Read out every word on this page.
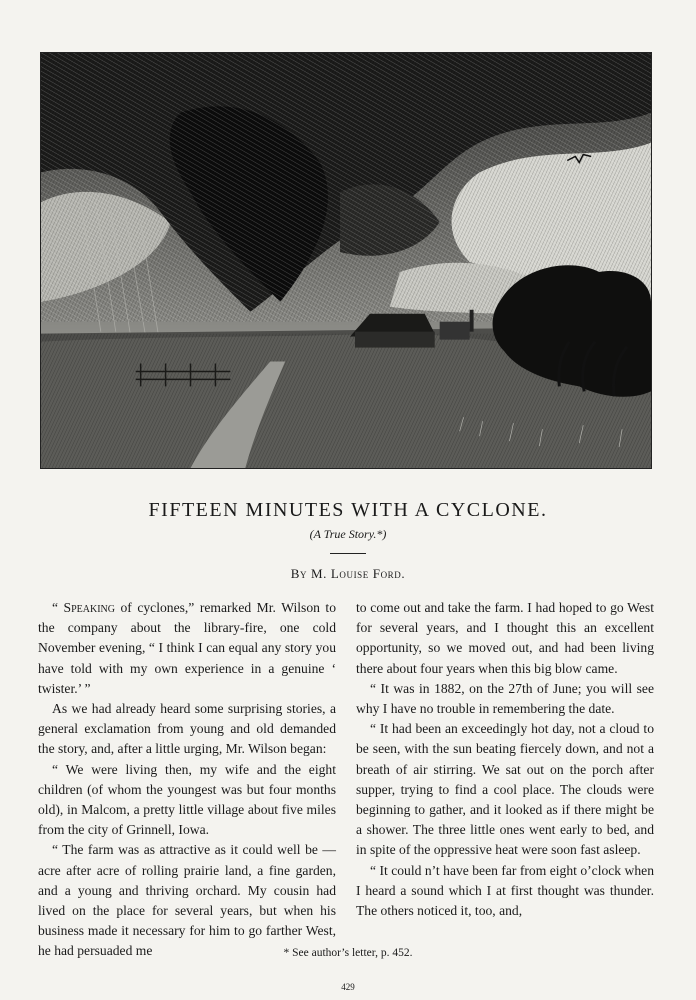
FIFTEEN MINUTES WITH A CYCLONE.
(A True Story.*)
By M. Louise Ford.

“ Speaking of cyclones,” remarked Mr. Wilson to the company about the library-fire, one cold November evening, “ I think I can equal any story you have told with my own experience in a genuine ‘ twister.’ ”

As we had already heard some surprising stories, a general exclamation from young and old demanded the story, and, after a little urging, Mr. Wilson began:

“ We were living then, my wife and the eight children (of whom the youngest was but four months old), in Malcom, a pretty little village about five miles from the city of Grinnell, Iowa.

“ The farm was as attractive as it could well be — acre after acre of rolling prairie land, a fine garden, and a young and thriving orchard. My cousin had lived on the place for several years, but when his business made it necessary for him to go farther West, he had persuaded me

to come out and take the farm. I had hoped to go West for several years, and I thought this an excellent opportunity, so we moved out, and had been living there about four years when this big blow came.

“ It was in 1882, on the 27th of June; you will see why I have no trouble in remembering the date.

“ It had been an exceedingly hot day, not a cloud to be seen, with the sun beating fiercely down, and not a breath of air stirring. We sat out on the porch after supper, trying to find a cool place. The clouds were beginning to gather, and it looked as if there might be a shower. The three little ones went early to bed, and in spite of the oppressive heat were soon fast asleep.

“ It could n’t have been far from eight o’clock when I heard a sound which I at first thought was thunder. The others noticed it, too, and,

* See author’s letter, p. 452.
429
